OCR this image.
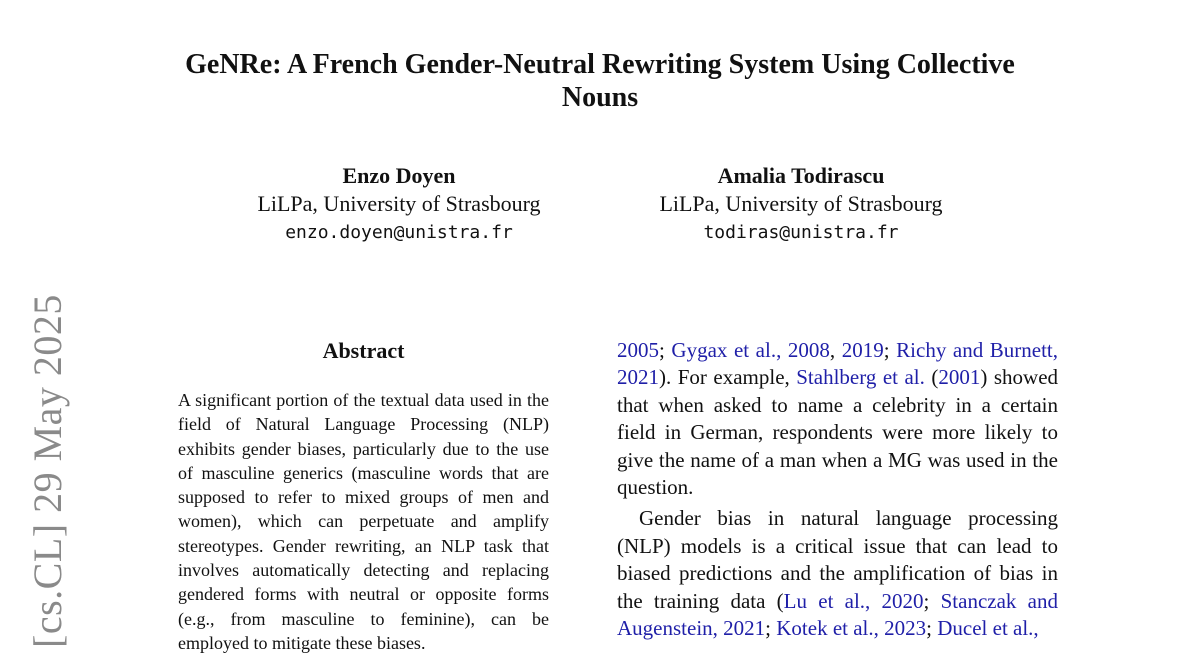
GeNRe: A French Gender-Neutral Rewriting System Using Collective Nouns
Enzo Doyen
LiLPa, University of Strasbourg
enzo.doyen@unistra.fr
Amalia Todirascu
LiLPa, University of Strasbourg
todiras@unistra.fr
[cs.CL] 29 May 2025	Abstract

A significant portion of the textual data used in the field of Natural Language Processing (NLP) exhibits gender biases, particularly due to the use of masculine generics (masculine words that are supposed to refer to mixed groups of men and women), which can perpetuate and amplify stereotypes. Gender rewriting, an NLP task that involves automatically detecting and replacing gendered forms with neutral or opposite forms (e.g., from masculine to feminine), can be employed to mitigate these biases.

2005; Gygax et al., 2008, 2019; Richy and Burnett, 2021). For example, Stahlberg et al. (2001) showed that when asked to name a celebrity in a certain field in German, respondents were more likely to give the name of a man when a MG was used in the question.

Gender bias in natural language processing (NLP) models is a critical issue that can lead to biased predictions and the amplification of bias in the training data (Lu et al., 2020; Stanczak and Augenstein, 2021; Kotek et al., 2023; Ducel et al.,
